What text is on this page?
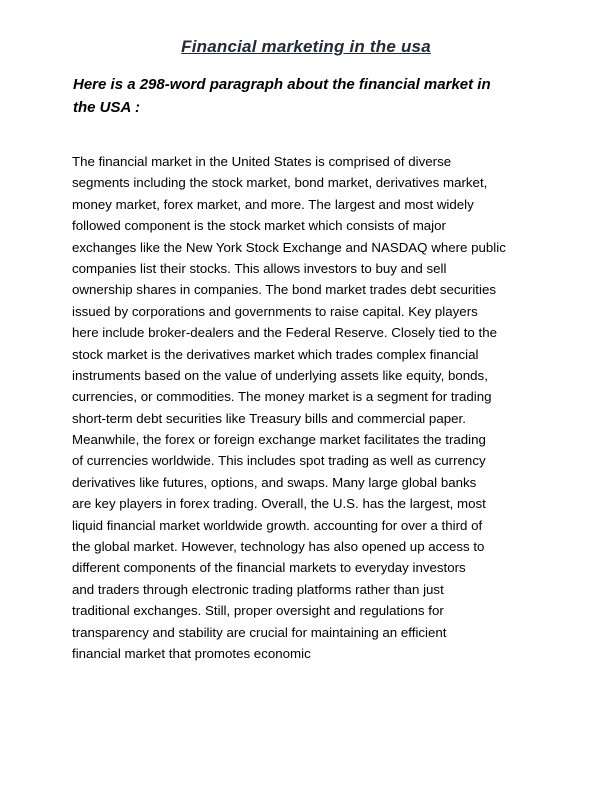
Financial marketing in the usa
Here is a 298-word paragraph about the financial market in
the USA :
The financial market in the United States is comprised of diverse
segments including the stock market, bond market, derivatives market,
money market, forex market, and more. The largest and most widely
followed component is the stock market which consists of major
exchanges like the New York Stock Exchange and NASDAQ where public
companies list their stocks. This allows investors to buy and sell
ownership shares in companies. The bond market trades debt securities
issued by corporations and governments to raise capital. Key players
here include broker-dealers and the Federal Reserve. Closely tied to the
stock market is the derivatives market which trades complex financial
instruments based on the value of underlying assets like equity, bonds,
currencies, or commodities. The money market is a segment for trading
short-term debt securities like Treasury bills and commercial paper.
Meanwhile, the forex or foreign exchange market facilitates the trading
of currencies worldwide. This includes spot trading as well as currency
derivatives like futures, options, and swaps. Many large global banks
are key players in forex trading. Overall, the U.S. has the largest, most
liquid financial market worldwide growth. accounting for over a third of
the global market. However, technology has also opened up access to
different components of the financial markets to everyday investors
and traders through electronic trading platforms rather than just
traditional exchanges. Still, proper oversight and regulations for
transparency and stability are crucial for maintaining an efficient
financial market that promotes economic
